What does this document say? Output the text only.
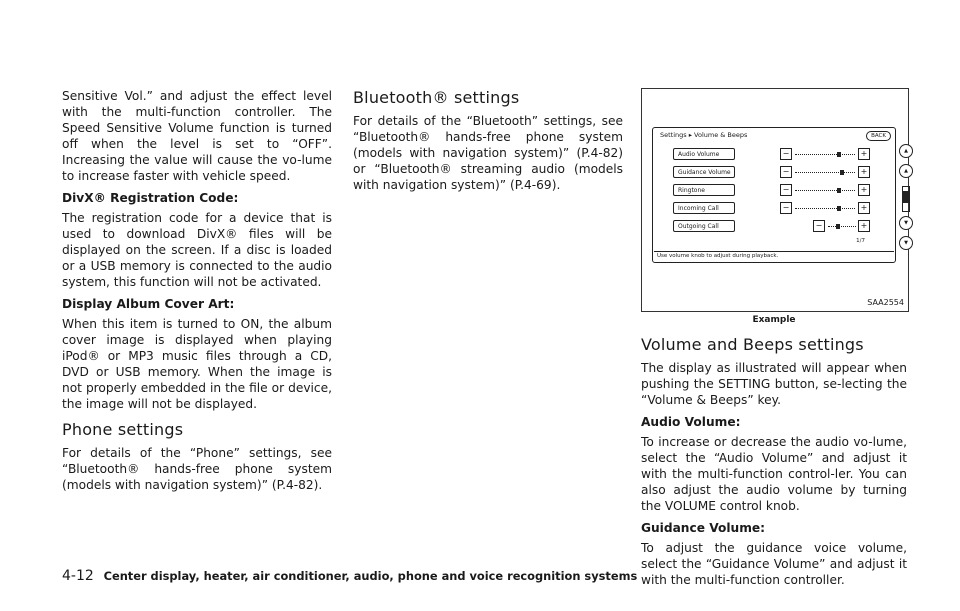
Sensitive Vol.” and adjust the effect level with the multi-function controller. The Speed Sensitive Volume function is turned off when the level is set to “OFF”. Increasing the value will cause the vo-lume to increase faster with vehicle speed.

DivX® Registration Code:

The registration code for a device that is used to download DivX® files will be displayed on the screen. If a disc is loaded or a USB memory is connected to the audio system, this function will not be activated.

Display Album Cover Art:

When this item is turned to ON, the album cover image is displayed when playing iPod® or MP3 music files through a CD, DVD or USB memory. When the image is not properly embedded in the file or device, the image will not be displayed.

Phone settings

For details of the “Phone” settings, see “Bluetooth® hands-free phone system (models with navigation system)” (P.4-82).

Bluetooth® settings

For details of the “Bluetooth” settings, see “Bluetooth® hands-free phone system (models with navigation system)” (P.4-82) or “Bluetooth® streaming audio (models with navigation system)” (P.4-69).

Settings ▸ Volume & Beeps	BACK
Audio Volume	−	+
Guidance Volume	−	+
Ringtone	−	+
Incoming Call	−	+
Outgoing Call	−	+
1/7
Use volume knob to adjust during playback.
▲
▲
▼
▼
SAA2554
Example
Volume and Beeps settings

The display as illustrated will appear when pushing the SETTING button, se-lecting the “Volume & Beeps” key.

Audio Volume:

To increase or decrease the audio vo-lume, select the “Audio Volume” and adjust it with the multi-function control-ler. You can also adjust the audio volume by turning the VOLUME control knob.

Guidance Volume:

To adjust the guidance voice volume, select the “Guidance Volume” and adjust it with the multi-function controller.

4-12 Center display, heater, air conditioner, audio, phone and voice recognition systems
